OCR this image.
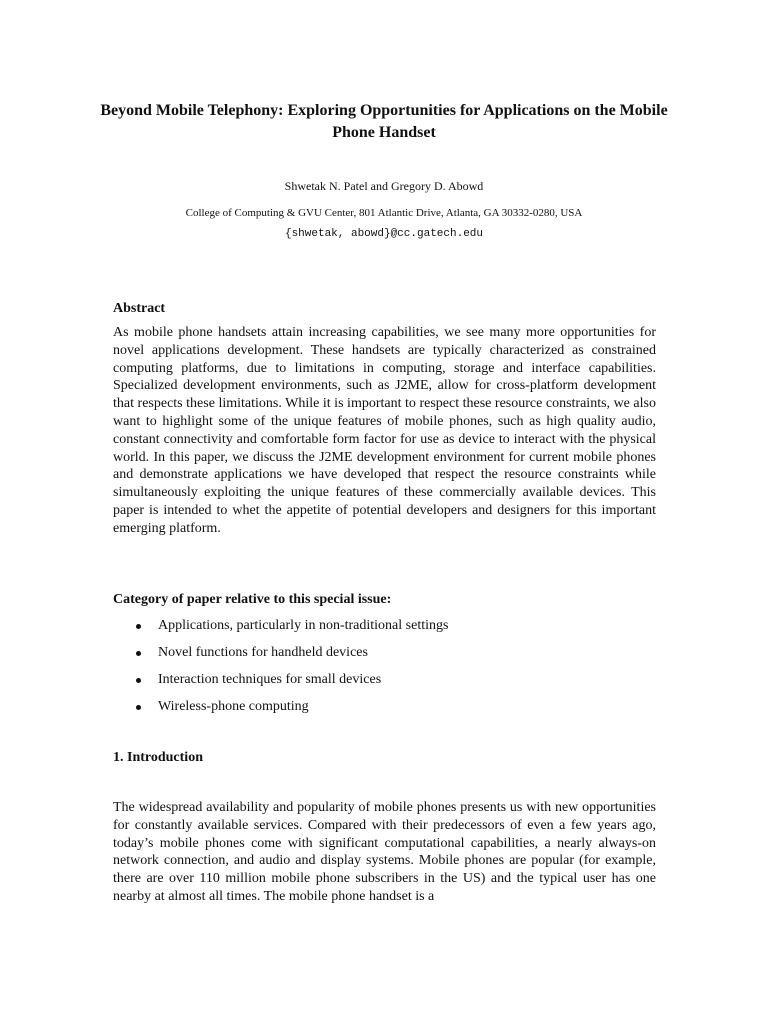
Beyond Mobile Telephony: Exploring Opportunities for Applications on the Mobile Phone Handset
Shwetak N. Patel and Gregory D. Abowd
College of Computing & GVU Center, 801 Atlantic Drive, Atlanta, GA 30332-0280, USA
{shwetak, abowd}@cc.gatech.edu
Abstract

As mobile phone handsets attain increasing capabilities, we see many more opportunities for novel applications development. These handsets are typically characterized as constrained computing platforms, due to limitations in computing, storage and interface capabilities. Specialized development environments, such as J2ME, allow for cross-platform development that respects these limitations. While it is important to respect these resource constraints, we also want to highlight some of the unique features of mobile phones, such as high quality audio, constant connectivity and comfortable form factor for use as device to interact with the physical world. In this paper, we discuss the J2ME development environment for current mobile phones and demonstrate applications we have developed that respect the resource constraints while simultaneously exploiting the unique features of these commercially available devices. This paper is intended to whet the appetite of potential developers and designers for this important emerging platform.

Category of paper relative to this special issue:
Applications, particularly in non-traditional settings
Novel functions for handheld devices
Interaction techniques for small devices
Wireless-phone computing
1. Introduction

The widespread availability and popularity of mobile phones presents us with new opportunities for constantly available services. Compared with their predecessors of even a few years ago, today’s mobile phones come with significant computational capabilities, a nearly always-on network connection, and audio and display systems. Mobile phones are popular (for example, there are over 110 million mobile phone subscribers in the US) and the typical user has one nearby at almost all times. The mobile phone handset is a
